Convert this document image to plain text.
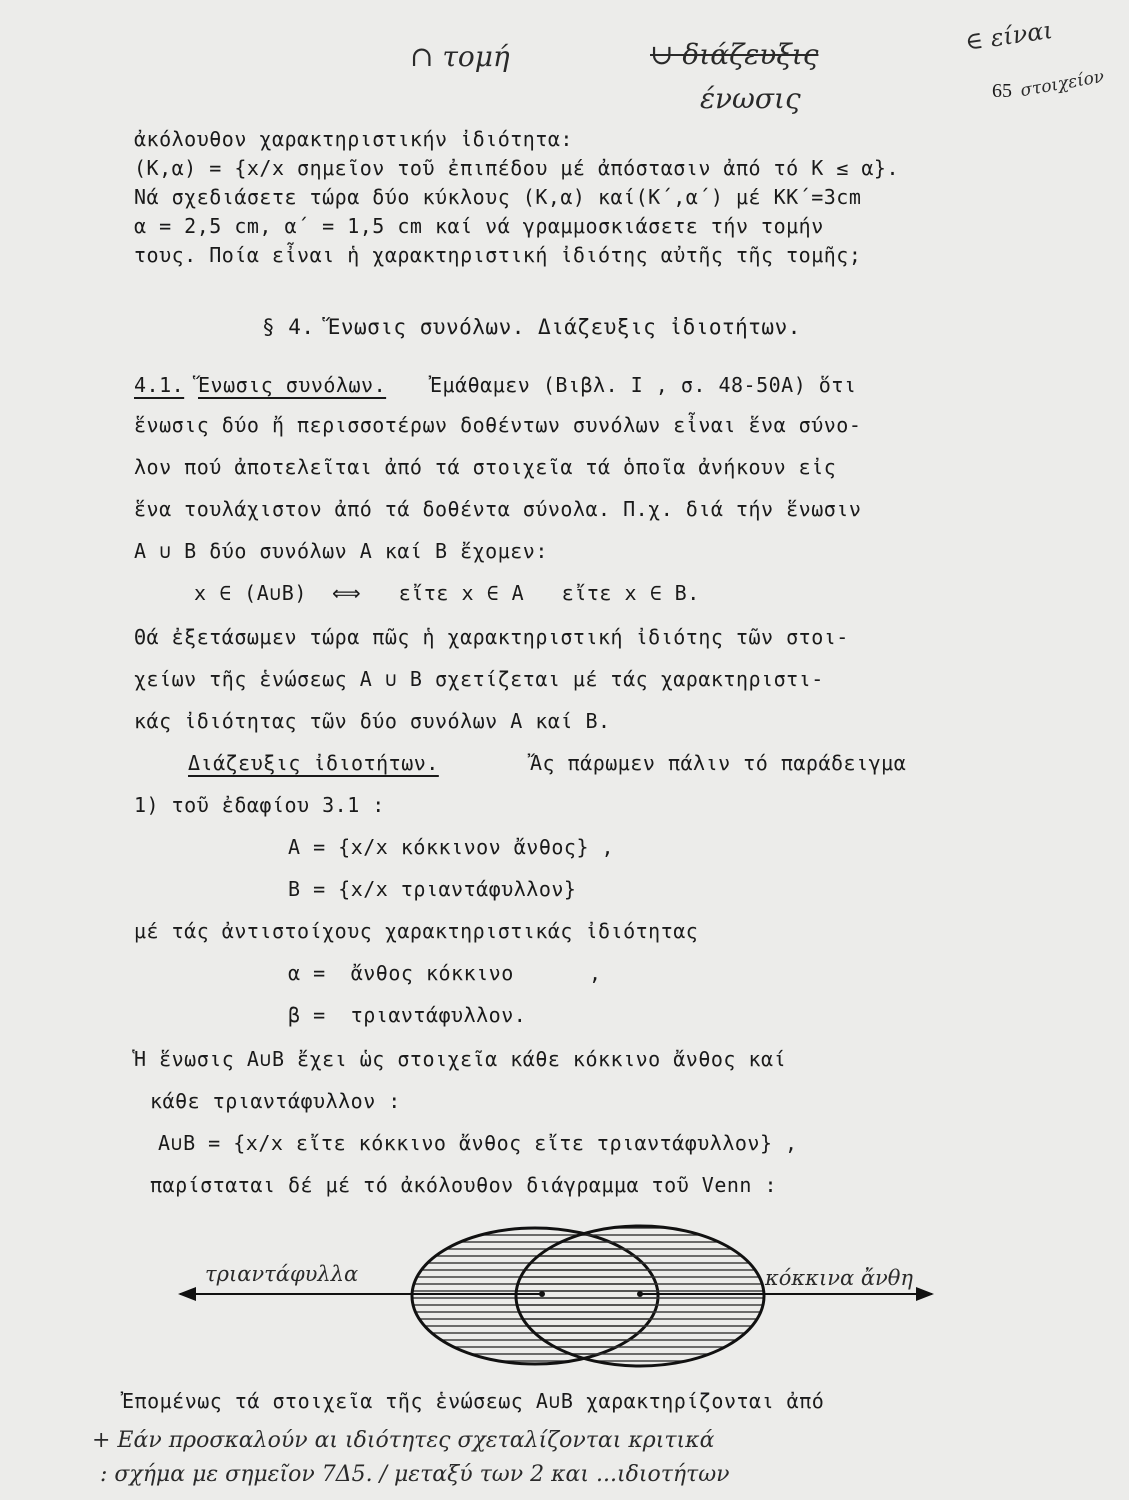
∩ τομή	∪ διάζευξις
ένωσις
∈ είναι
65 στοιχείον
ἀκόλουθον χαρακτηριστικήν ἰδιότητα:
(Κ,α) = {x/x σημεῖον τοῦ ἐπιπέδου μέ ἀπόστασιν ἀπό τό Κ ≤ α}.
Νά σχεδιάσετε τώρα δύο κύκλους (Κ,α) καί(Κ΄,α΄) μέ ΚΚ΄=3cm
α = 2,5 cm, α΄ = 1,5 cm καί νά γραμμοσκιάσετε τήν τομήν
τους. Ποία εἶναι ἡ χαρακτηριστική ἰδιότης αὐτῆς τῆς τομῆς;
§ 4. Ἕνωσις συνόλων. Διάζευξις ἰδιοτήτων.
4.1. Ἕνωσις συνόλων. Ἐμάθαμεν (Βιβλ. Ι , σ. 48-50Α) ὅτι
ἕνωσις δύο ἤ περισσοτέρων δοθέντων συνόλων εἶναι ἕνα σύνο-
λον πού ἀποτελεῖται ἀπό τά στοιχεῖα τά ὁποῖα ἀνήκουν εἰς
ἕνα τουλάχιστον ἀπό τά δοθέντα σύνολα. Π.χ. διά τήν ἕνωσιν
Α ∪ Β δύο συνόλων Α καί Β ἔχομεν:
x ∈ (Α∪Β)  ⟺   εἴτε x ∈ Α   εἴτε x ∈ Β.
Θά ἐξετάσωμεν τώρα πῶς ἡ χαρακτηριστική ἰδιότης τῶν στοι-
χείων τῆς ἑνώσεως Α ∪ Β σχετίζεται μέ τάς χαρακτηριστι-
κάς ἰδιότητας τῶν δύο συνόλων Α καί Β.
Διάζευξις ἰδιοτήτων.	Ἄς πάρωμεν πάλιν τό παράδειγμα
1) τοῦ ἐδαφίου 3.1 :
Α = {x/x κόκκινον ἄνθος} ,
Β = {x/x τριαντάφυλλον}
μέ τάς ἀντιστοίχους χαρακτηριστικάς ἰδιότητας
α =  ἄνθος κόκκινο      ,
β =  τριαντάφυλλον.
Ἡ ἕνωσις Α∪Β ἔχει ὡς στοιχεῖα κάθε κόκκινο ἄνθος καί
κάθε τριαντάφυλλον :
Α∪Β = {x/x εἴτε κόκκινο ἄνθος εἴτε τριαντάφυλλον} ,
παρίσταται δέ μέ τό ἀκόλουθον διάγραμμα τοῦ Venn :
τριαντάφυλλα	κόκκινα ἄνθη
Ἐπομένως τά στοιχεῖα τῆς ἑνώσεως Α∪Β χαρακτηρίζονται ἀπό
+ Εάν προσκαλούν αι ιδιότητες σχεταλίζονται κριτικά
: σχήμα με σημεῖον 7Δ5. / μεταξύ των 2 και ...ιδιοτήτων
